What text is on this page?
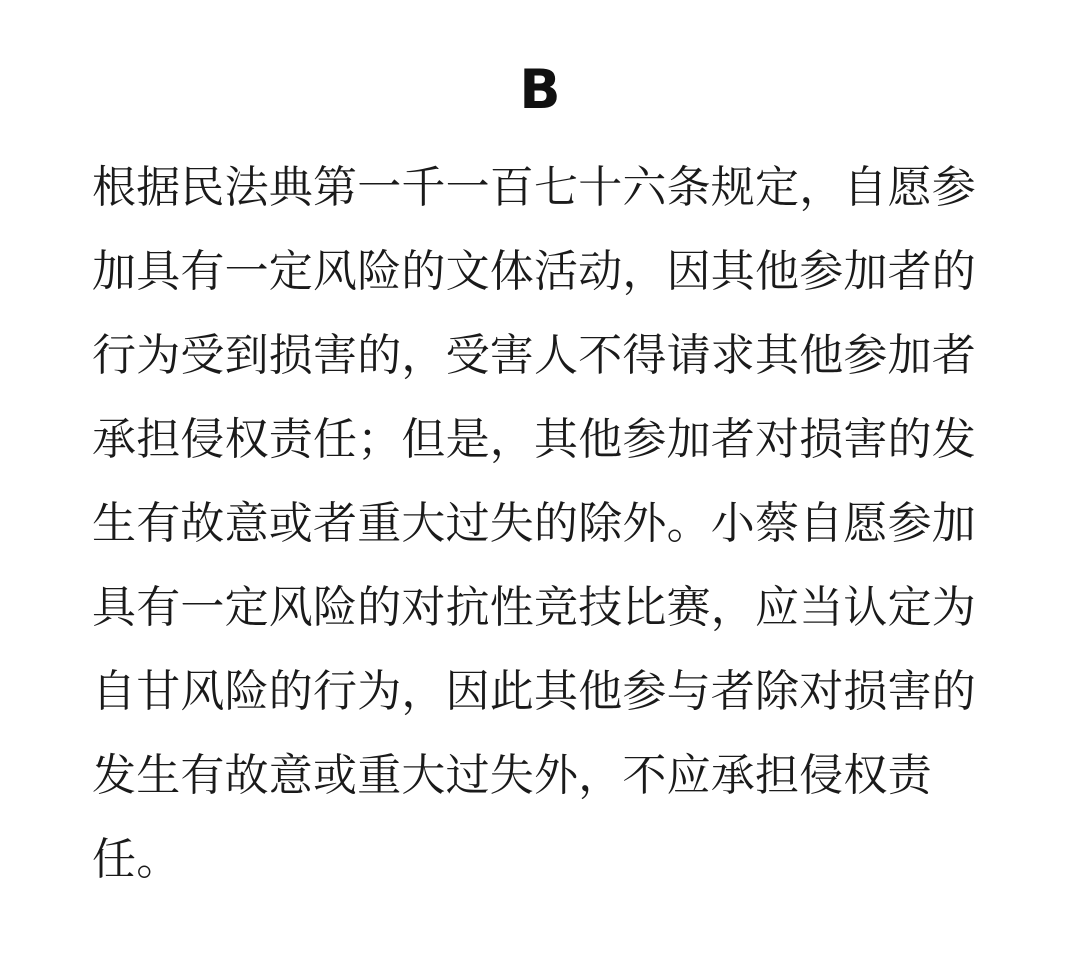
B

根据民法典第一千一百七十六条规定，自愿参加具有一定风险的文体活动，因其他参加者的行为受到损害的，受害人不得请求其他参加者承担侵权责任；但是，其他参加者对损害的发生有故意或者重大过失的除外。小蔡自愿参加具有一定风险的对抗性竞技比赛，应当认定为自甘风险的行为，因此其他参与者除对损害的发生有故意或重大过失外，不应承担侵权责任。
